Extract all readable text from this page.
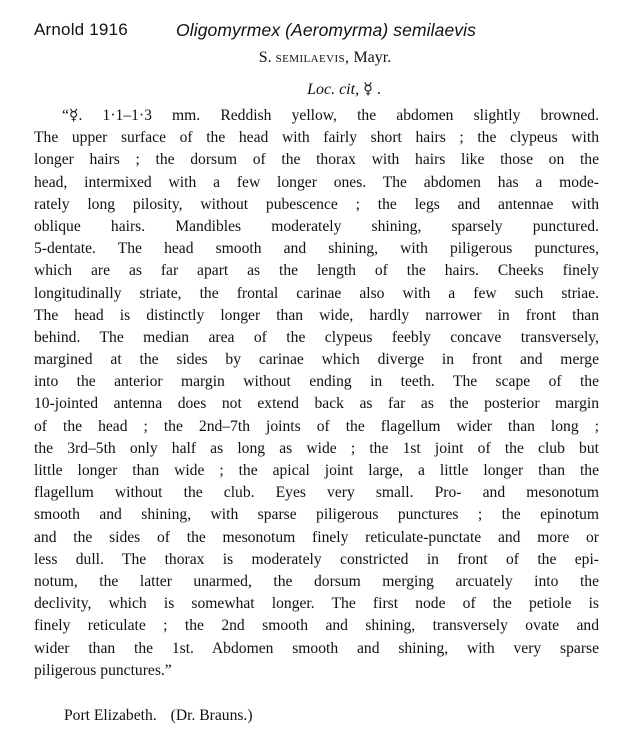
Arnold 1916	Oligomyrmex (Aeromyrma) semilaevis
S. semilaevis, Mayr.
Loc. cit, ☿ .

“☿. 1·1–1·3 mm. Reddish yellow, the abdomen slightly browned.
The upper surface of the head with fairly short hairs ; the clypeus with
longer hairs ; the dorsum of the thorax with hairs like those on the
head, intermixed with a few longer ones. The abdomen has a mode-
rately long pilosity, without pubescence ; the legs and antennae with
oblique hairs. Mandibles moderately shining, sparsely punctured.
5-dentate. The head smooth and shining, with piligerous punctures,
which are as far apart as the length of the hairs. Cheeks finely
longitudinally striate, the frontal carinae also with a few such striae.
The head is distinctly longer than wide, hardly narrower in front than
behind. The median area of the clypeus feebly concave transversely,
margined at the sides by carinae which diverge in front and merge
into the anterior margin without ending in teeth. The scape of the
10-jointed antenna does not extend back as far as the posterior margin
of the head ; the 2nd–7th joints of the flagellum wider than long ;
the 3rd–5th only half as long as wide ; the 1st joint of the club but
little longer than wide ; the apical joint large, a little longer than the
flagellum without the club. Eyes very small. Pro- and mesonotum
smooth and shining, with sparse piligerous punctures ; the epinotum
and the sides of the mesonotum finely reticulate-punctate and more or
less dull. The thorax is moderately constricted in front of the epi-
notum, the latter unarmed, the dorsum merging arcuately into the
declivity, which is somewhat longer. The first node of the petiole is
finely reticulate ; the 2nd smooth and shining, transversely ovate and
wider than the 1st. Abdomen smooth and shining, with very sparse
piligerous punctures.”

Port Elizabeth. (Dr. Brauns.)
